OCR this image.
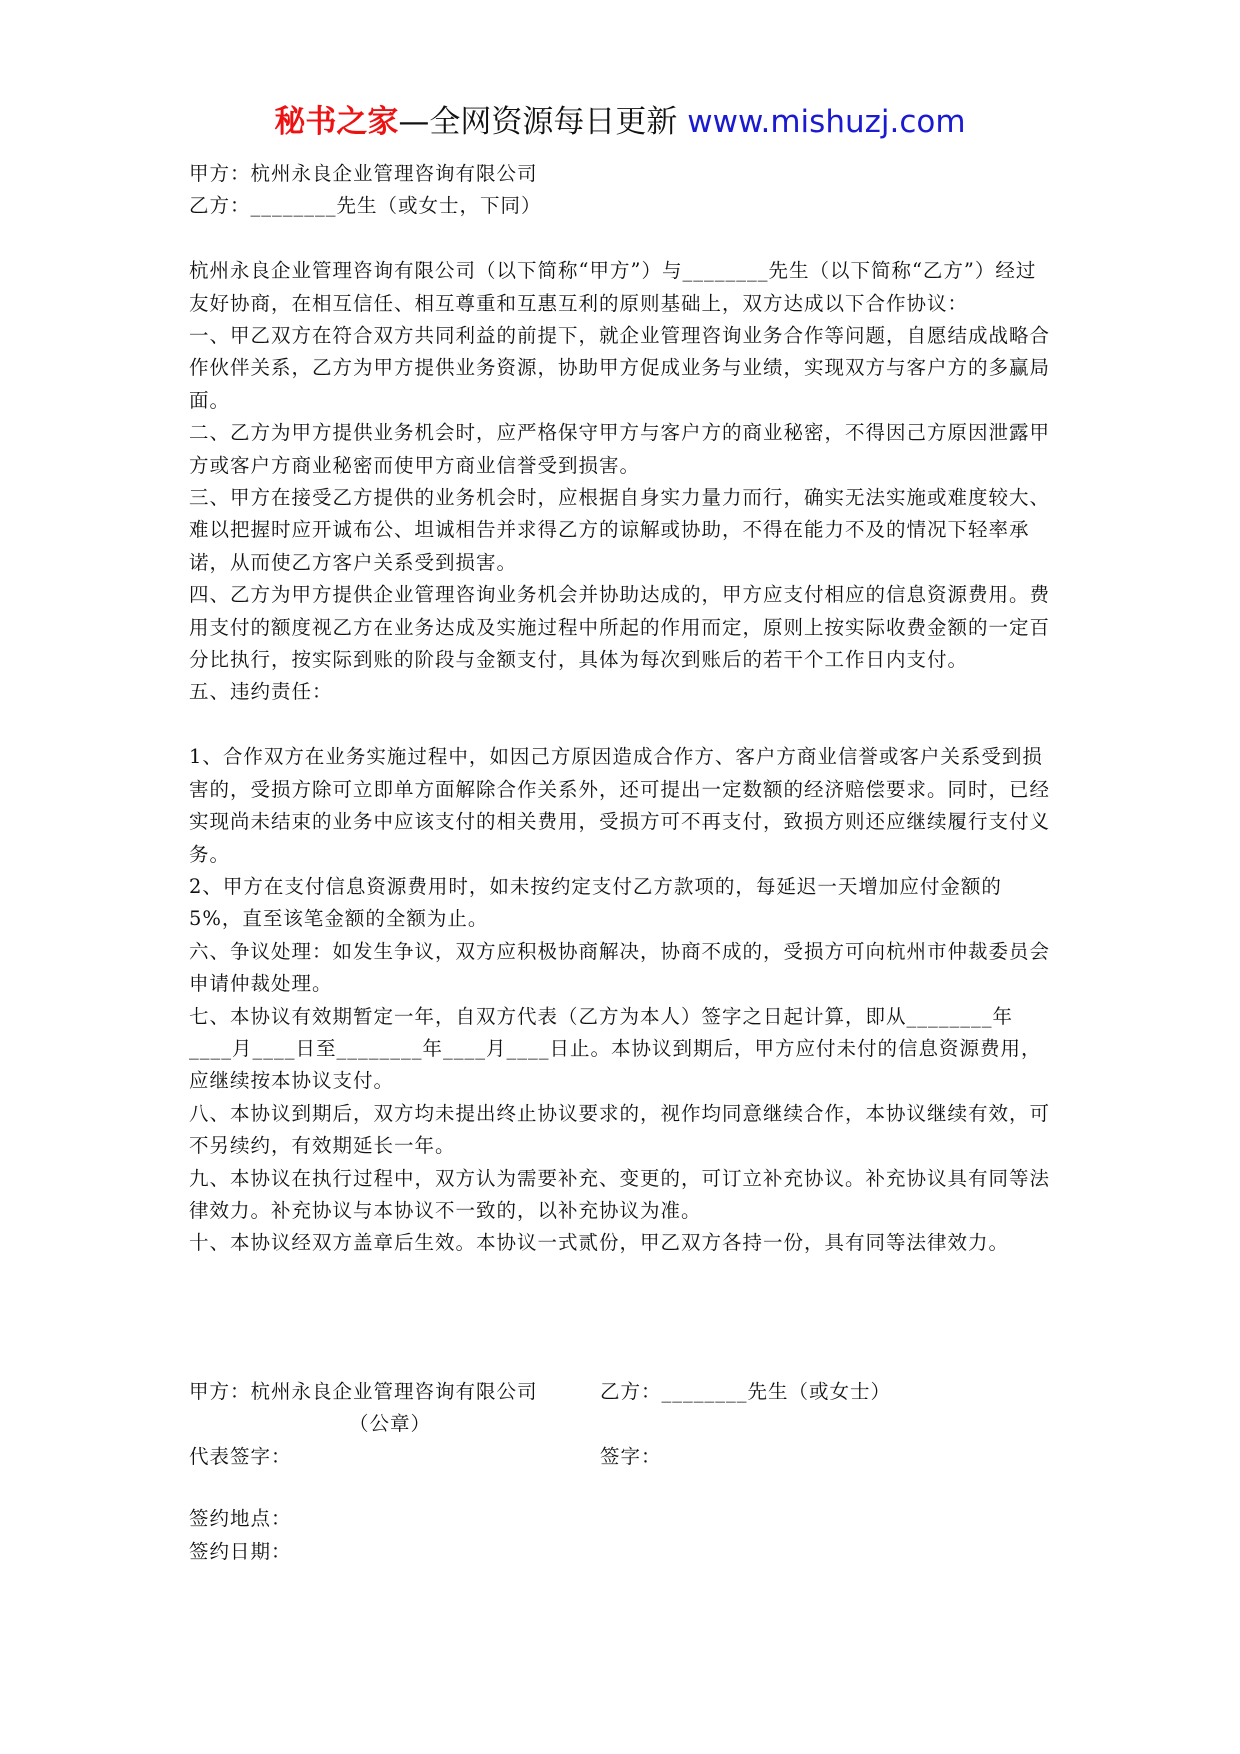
秘书之家—全网资源每日更新 www.mishuzj.com

甲方：杭州永良企业管理咨询有限公司

乙方：________先生（或女士，下同）

杭州永良企业管理咨询有限公司（以下简称“甲方”）与________先生（以下简称“乙方”）经过友好协商，在相互信任、相互尊重和互惠互利的原则基础上，双方达成以下合作协议：

一、甲乙双方在符合双方共同利益的前提下，就企业管理咨询业务合作等问题，自愿结成战略合作伙伴关系，乙方为甲方提供业务资源，协助甲方促成业务与业绩，实现双方与客户方的多赢局面。

二、乙方为甲方提供业务机会时，应严格保守甲方与客户方的商业秘密，不得因己方原因泄露甲方或客户方商业秘密而使甲方商业信誉受到损害。

三、甲方在接受乙方提供的业务机会时，应根据自身实力量力而行，确实无法实施或难度较大、难以把握时应开诚布公、坦诚相告并求得乙方的谅解或协助，不得在能力不及的情况下轻率承诺，从而使乙方客户关系受到损害。

四、乙方为甲方提供企业管理咨询业务机会并协助达成的，甲方应支付相应的信息资源费用。费用支付的额度视乙方在业务达成及实施过程中所起的作用而定，原则上按实际收费金额的一定百分比执行，按实际到账的阶段与金额支付，具体为每次到账后的若干个工作日内支付。

五、违约责任：

1、合作双方在业务实施过程中，如因己方原因造成合作方、客户方商业信誉或客户关系受到损害的，受损方除可立即单方面解除合作关系外，还可提出一定数额的经济赔偿要求。同时，已经实现尚未结束的业务中应该支付的相关费用，受损方可不再支付，致损方则还应继续履行支付义务。

2、甲方在支付信息资源费用时，如未按约定支付乙方款项的，每延迟一天增加应付金额的5%，直至该笔金额的全额为止。

六、争议处理：如发生争议，双方应积极协商解决，协商不成的，受损方可向杭州市仲裁委员会申请仲裁处理。

七、本协议有效期暂定一年，自双方代表（乙方为本人）签字之日起计算，即从________年____月____日至________年____月____日止。本协议到期后，甲方应付未付的信息资源费用，应继续按本协议支付。

八、本协议到期后，双方均未提出终止协议要求的，视作均同意继续合作，本协议继续有效，可不另续约，有效期延长一年。

九、本协议在执行过程中，双方认为需要补充、变更的，可订立补充协议。补充协议具有同等法律效力。补充协议与本协议不一致的，以补充协议为准。

十、本协议经双方盖章后生效。本协议一式贰份，甲乙双方各持一份，具有同等法律效力。

甲方：杭州永良企业管理咨询有限公司	乙方：________先生（或女士）
（公章）
代表签字：	签字：
签约地点：
签约日期：
